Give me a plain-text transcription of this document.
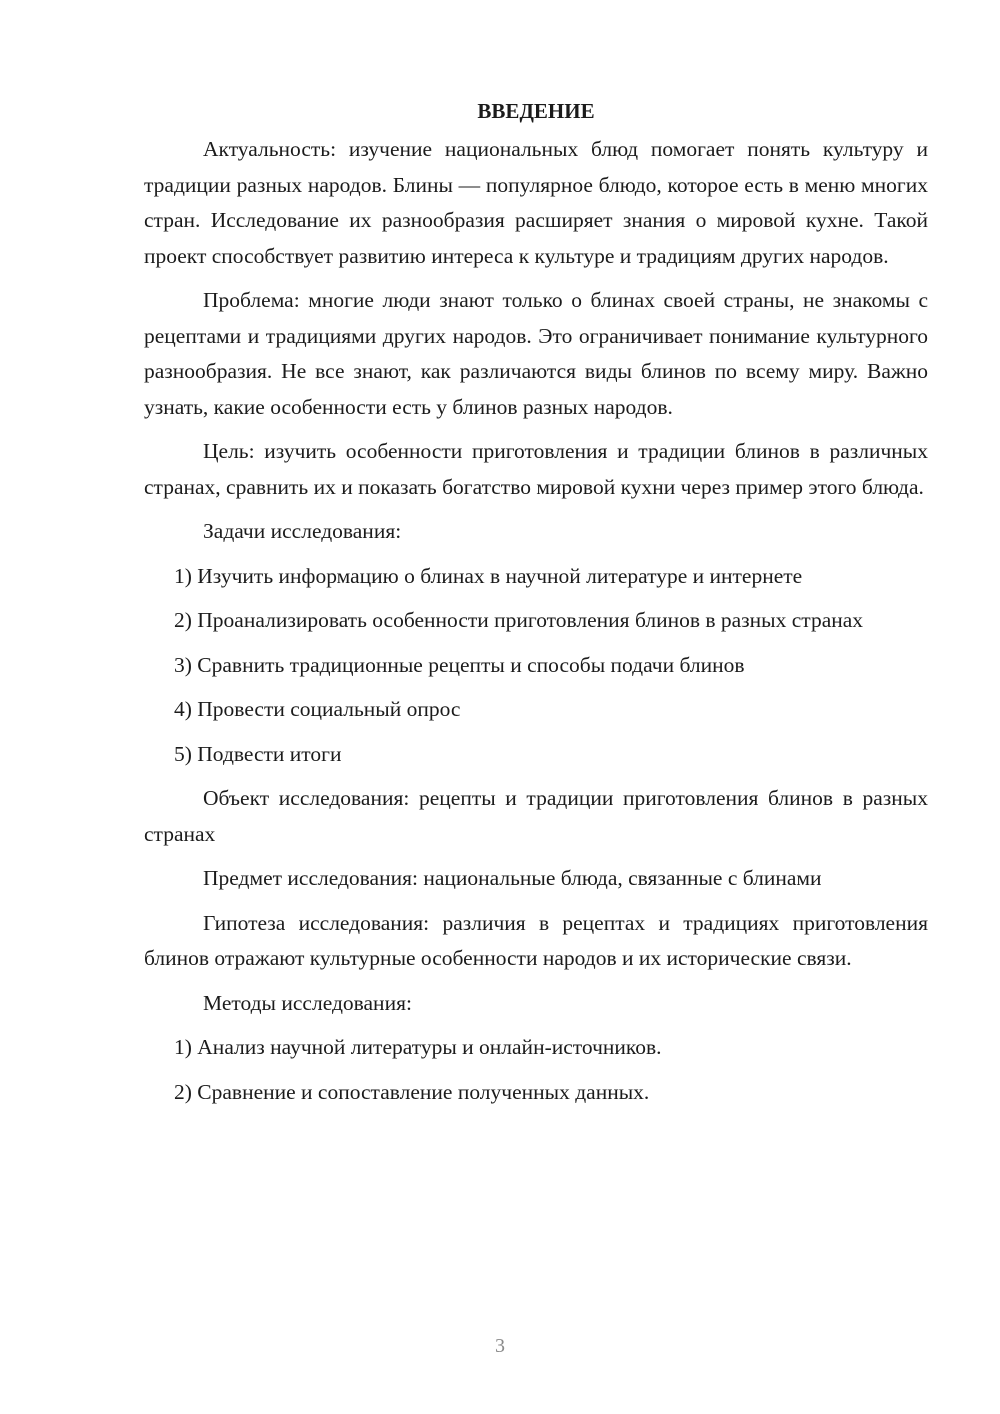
ВВЕДЕНИЕ

Актуальность: изучение национальных блюд помогает понять культуру и традиции разных народов. Блины — популярное блюдо, которое есть в меню многих стран. Исследование их разнообразия расширяет знания о мировой кухне. Такой проект способствует развитию интереса к культуре и традициям других народов.

Проблема: многие люди знают только о блинах своей страны, не знакомы с рецептами и традициями других народов. Это ограничивает понимание культурного разнообразия. Не все знают, как различаются виды блинов по всему миру. Важно узнать, какие особенности есть у блинов разных народов.

Цель: изучить особенности приготовления и традиции блинов в различных странах, сравнить их и показать богатство мировой кухни через пример этого блюда.

Задачи исследования:

1) Изучить информацию о блинах в научной литературе и интернете

2) Проанализировать особенности приготовления блинов в разных странах

3) Сравнить традиционные рецепты и способы подачи блинов

4) Провести социальный опрос

5) Подвести итоги

Объект исследования: рецепты и традиции приготовления блинов в разных странах

Предмет исследования: национальные блюда, связанные с блинами

Гипотеза исследования: различия в рецептах и традициях приготовления блинов отражают культурные особенности народов и их исторические связи.

Методы исследования:

1) Анализ научной литературы и онлайн-источников.

2) Сравнение и сопоставление полученных данных.

3
